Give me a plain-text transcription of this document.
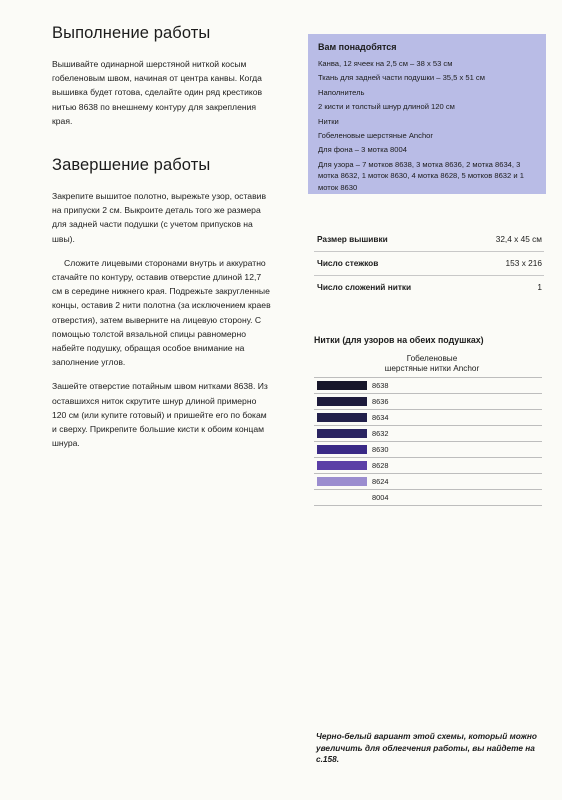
Выполнение работы

Вышивайте одинарной шерстяной ниткой косым гобеленовым швом, начиная от центра канвы. Когда вышивка будет готова, сделайте один ряд крестиков нитью 8638 по внешнему контуру для закрепления края.

Завершение работы

Закрепите вышитое полотно, вырежьте узор, оставив на припуски 2 см. Выкроите деталь того же размера для задней части подушки (с учетом припусков на швы).

Сложите лицевыми сторонами внутрь и аккуратно стачайте по контуру, оставив отверстие длиной 12,7 см в середине нижнего края. Подрежьте закругленные концы, оставив 2 нити полотна (за исключением краев отверстия), затем выверните на лицевую сторону. С помощью толстой вязальной спицы равномерно набейте подушку, обращая особое внимание на заполнение углов.

Зашейте отверстие потайным швом нитками 8638. Из оставшихся ниток скрутите шнур длиной примерно 120 см (или купите готовый) и пришейте его по бокам и сверху. Прикрепите большие кисти к обоим концам шнура.

Вам понадобятся
Канва, 12 ячеек на 2,5 см – 38 х 53 см
Ткань для задней части подушки – 35,5 х 51 см
Наполнитель
2 кисти и толстый шнур длиной 120 см
Нитки
Гобеленовые шерстяные Anchor
Для фона – 3 мотка 8004
Для узора – 7 мотков 8638, 3 мотка 8636, 2 мотка 8634, 3 мотка 8632, 1 моток 8630, 4 мотка 8628, 5 мотков 8632 и 1 моток 8630
Размер вышивки	32,4 х 45 см
Число стежков	153 х 216
Число сложений нитки	1
Нитки (для узоров на обеих подушках)
Гобеленовые
шерстяные нитки Anchor
8638
8636
8634
8632
8630
8628
8624
8004
Черно-белый вариант этой схемы, который можно увеличить для облегчения работы, вы найдете на с.158.
